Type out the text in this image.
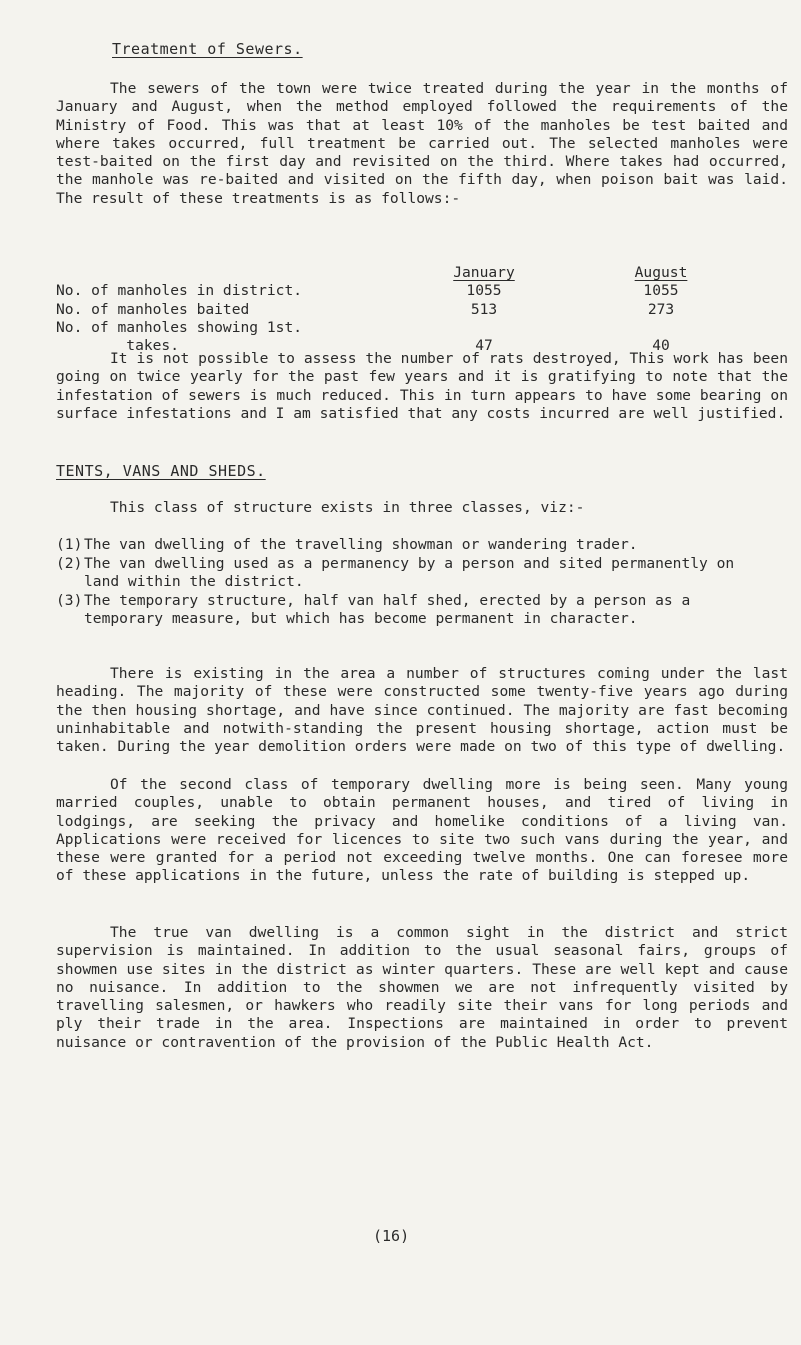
Treatment of Sewers.
The sewers of the town were twice treated during the year in the months of January and August, when the method employed followed the requirements of the Ministry of Food. This was that at least 10% of the manholes be test baited and where takes occurred, full treatment be carried out. The selected manholes were test-baited on the first day and revisited on the third. Where takes had occurred, the manhole was re-baited and visited on the fifth day, when poison bait was laid. The result of these treatments is as follows:-
January	August
No. of manholes in district.	1055	1055
No. of manholes baited	513	273
No. of manholes showing 1st.
takes.	47	40
It is not possible to assess the number of rats destroyed, This work has been going on twice yearly for the past few years and it is gratifying to note that the infestation of sewers is much reduced. This in turn appears to have some bearing on surface infestations and I am satisfied that any costs incurred are well justified.
TENTS, VANS AND SHEDS.
This class of structure exists in three classes, viz:-
(1) The van dwelling of the travelling showman or wandering trader.
(2) The van dwelling used as a permanency by a person and sited permanently on land within the district.
(3) The temporary structure, half van half shed, erected by a person as a temporary measure, but which has become permanent in character.
There is existing in the area a number of structures coming under the last heading. The majority of these were constructed some twenty-five years ago during the then housing shortage, and have since continued. The majority are fast becoming uninhabitable and notwith-standing the present housing shortage, action must be taken. During the year demolition orders were made on two of this type of dwelling.
Of the second class of temporary dwelling more is being seen. Many young married couples, unable to obtain permanent houses, and tired of living in lodgings, are seeking the privacy and homelike conditions of a living van. Applications were received for licences to site two such vans during the year, and these were granted for a period not exceeding twelve months. One can foresee more of these applications in the future, unless the rate of building is stepped up.
The true van dwelling is a common sight in the district and strict supervision is maintained. In addition to the usual seasonal fairs, groups of showmen use sites in the district as winter quarters. These are well kept and cause no nuisance. In addition to the showmen we are not infrequently visited by travelling salesmen, or hawkers who readily site their vans for long periods and ply their trade in the area. Inspections are maintained in order to prevent nuisance or contravention of the provision of the Public Health Act.
(16)
